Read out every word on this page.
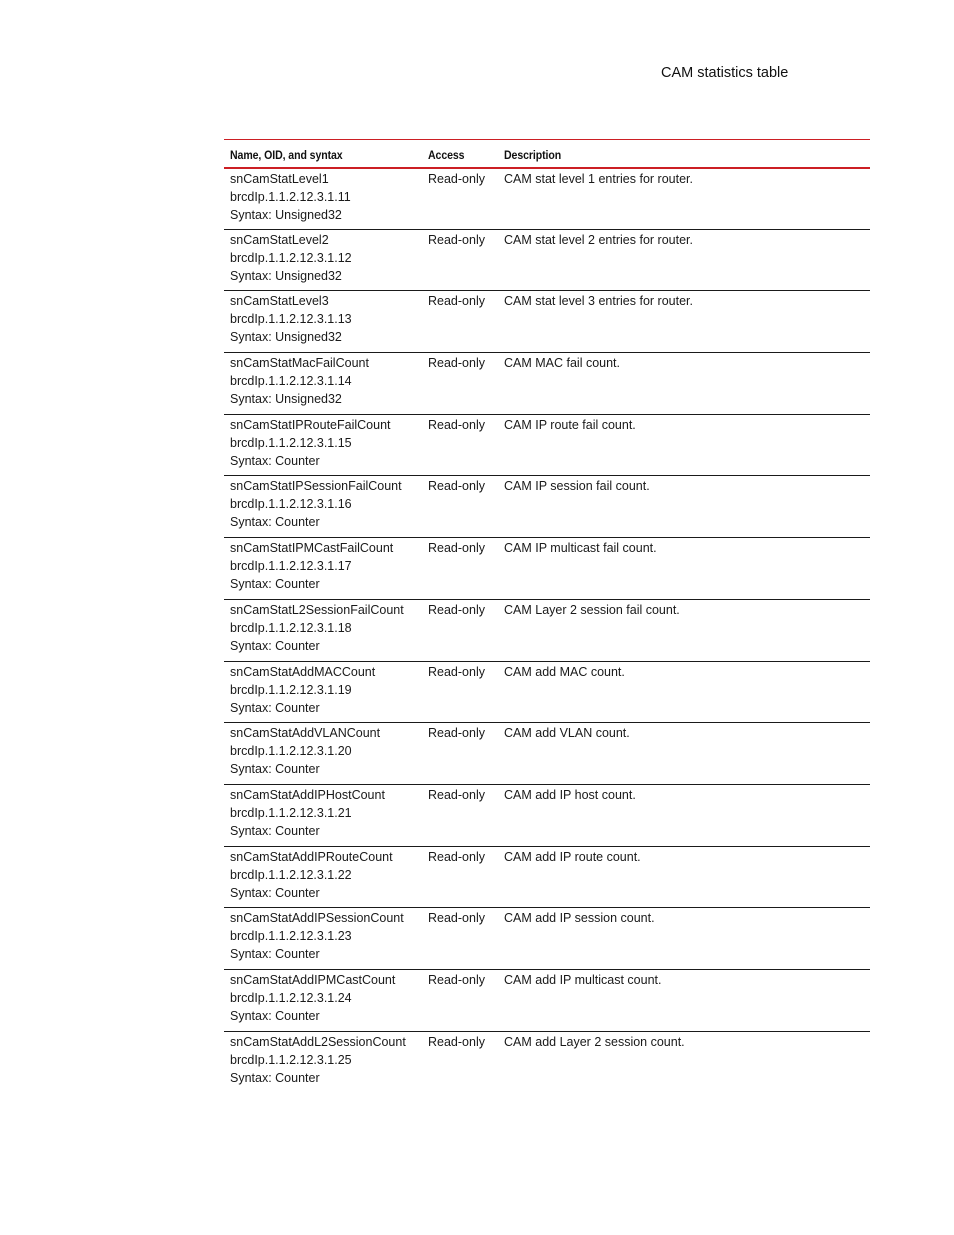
CAM statistics table
Name, OID, and syntax	Access	Description

snCamStatLevel1
brcdIp.1.1.2.12.3.1.11
Syntax: Unsigned32	Read-only	CAM stat level 1 entries for router.

snCamStatLevel2
brcdIp.1.1.2.12.3.1.12
Syntax: Unsigned32	Read-only	CAM stat level 2 entries for router.

snCamStatLevel3
brcdIp.1.1.2.12.3.1.13
Syntax: Unsigned32	Read-only	CAM stat level 3 entries for router.

snCamStatMacFailCount
brcdIp.1.1.2.12.3.1.14
Syntax: Unsigned32	Read-only	CAM MAC fail count.

snCamStatIPRouteFailCount
brcdIp.1.1.2.12.3.1.15
Syntax: Counter	Read-only	CAM IP route fail count.

snCamStatIPSessionFailCount
brcdIp.1.1.2.12.3.1.16
Syntax: Counter	Read-only	CAM IP session fail count.

snCamStatIPMCastFailCount
brcdIp.1.1.2.12.3.1.17
Syntax: Counter	Read-only	CAM IP multicast fail count.

snCamStatL2SessionFailCount
brcdIp.1.1.2.12.3.1.18
Syntax: Counter	Read-only	CAM Layer 2 session fail count.

snCamStatAddMACCount
brcdIp.1.1.2.12.3.1.19
Syntax: Counter	Read-only	CAM add MAC count.

snCamStatAddVLANCount
brcdIp.1.1.2.12.3.1.20
Syntax: Counter	Read-only	CAM add VLAN count.

snCamStatAddIPHostCount
brcdIp.1.1.2.12.3.1.21
Syntax: Counter	Read-only	CAM add IP host count.

snCamStatAddIPRouteCount
brcdIp.1.1.2.12.3.1.22
Syntax: Counter	Read-only	CAM add IP route count.

snCamStatAddIPSessionCount
brcdIp.1.1.2.12.3.1.23
Syntax: Counter	Read-only	CAM add IP session count.

snCamStatAddIPMCastCount
brcdIp.1.1.2.12.3.1.24
Syntax: Counter	Read-only	CAM add IP multicast count.

snCamStatAddL2SessionCount
brcdIp.1.1.2.12.3.1.25
Syntax: Counter	Read-only	CAM add Layer 2 session count.
